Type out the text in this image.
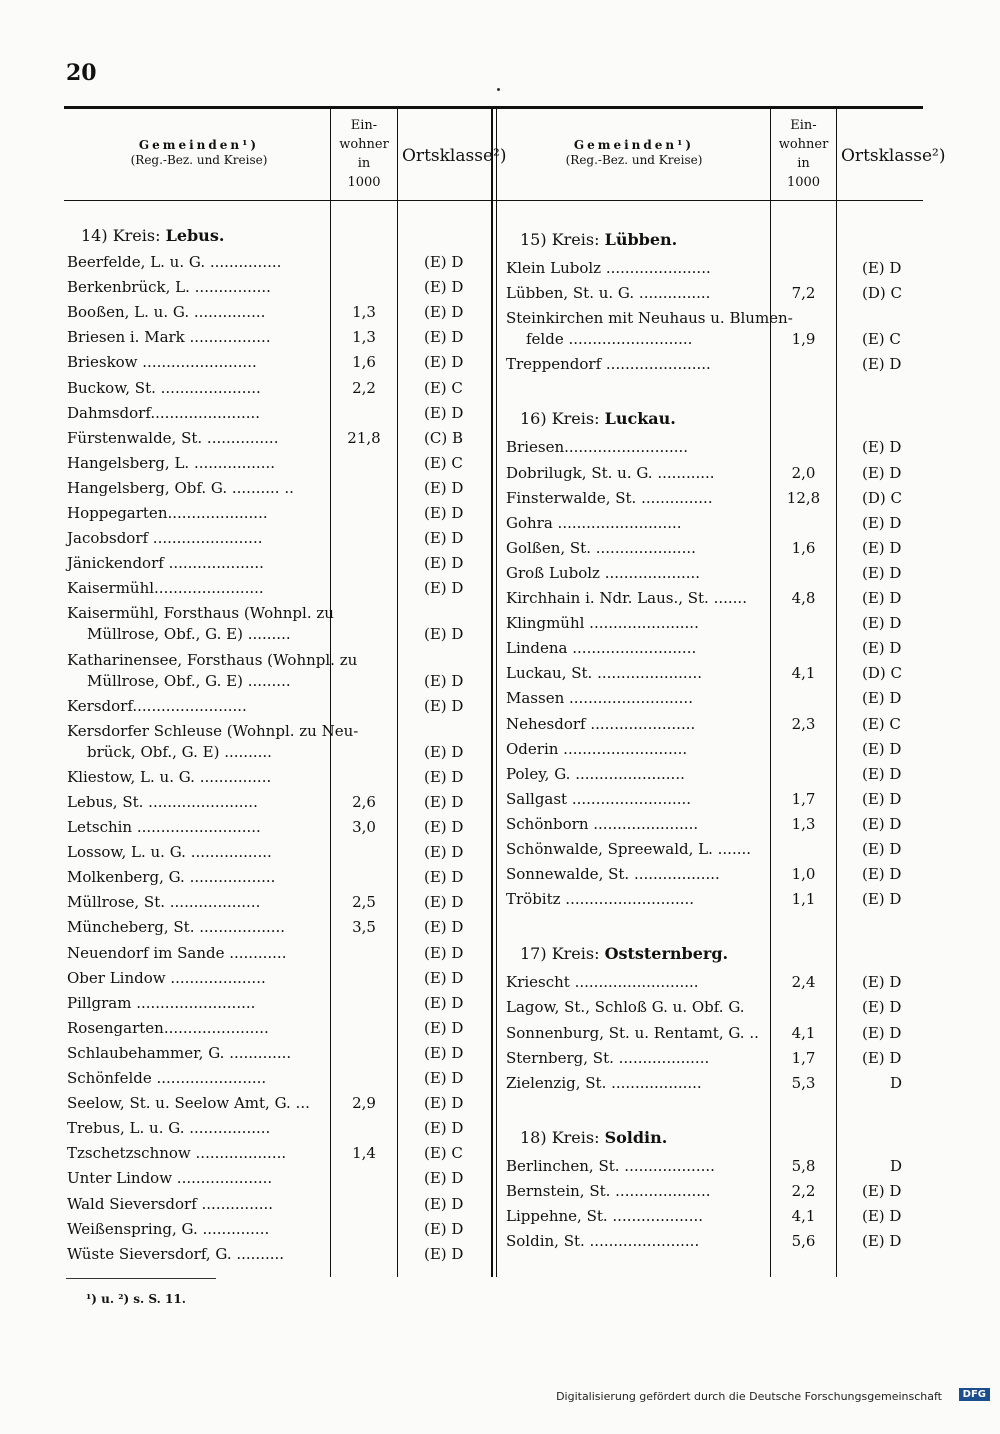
20
Gemeinden¹)
(Reg.-Bez. und Kreise)
Ein-
wohner
in
1000
Ortsklasse²)
Gemeinden¹)
(Reg.-Bez. und Kreise)
Ein-
wohner
in
1000
Ortsklasse²)
¹) u. ²) s. S. 11.
Digitalisierung gefördert durch die Deutsche Forschungsgemeinschaft	DFG
14) Kreis: Lebus.
Beerfelde, L. u. G. ...............	(E) D
Berkenbrück, L. ................	(E) D
Booßen, L. u. G. ...............	1,3	(E) D
Briesen i. Mark .................	1,3	(E) D
Brieskow ........................	1,6	(E) D
Buckow, St. .....................	2,2	(E) C
Dahmsdorf.......................	(E) D
Fürstenwalde, St. ...............	21,8	(C) B
Hangelsberg, L. .................	(E) C
Hangelsberg, Obf. G. .......... ..	(E) D
Hoppegarten.....................	(E) D
Jacobsdorf .......................	(E) D
Jänickendorf ....................	(E) D
Kaisermühl.......................	(E) D
Kaisermühl, Forsthaus (Wohnpl. zu
Müllrose, Obf., G. E) .........	(E) D
Katharinensee, Forsthaus (Wohnpl. zu
Müllrose, Obf., G. E) .........	(E) D
Kersdorf........................	(E) D
Kersdorfer Schleuse (Wohnpl. zu Neu-
brück, Obf., G. E) ..........	(E) D
Kliestow, L. u. G. ...............	(E) D
Lebus, St. .......................	2,6	(E) D
Letschin ..........................	3,0	(E) D
Lossow, L. u. G. .................	(E) D
Molkenberg, G. ..................	(E) D
Müllrose, St. ...................	2,5	(E) D
Müncheberg, St. ..................	3,5	(E) D
Neuendorf im Sande ............	(E) D
Ober Lindow ....................	(E) D
Pillgram .........................	(E) D
Rosengarten......................	(E) D
Schlaubehammer, G. .............	(E) D
Schönfelde .......................	(E) D
Seelow, St. u. Seelow Amt, G. ...	2,9	(E) D
Trebus, L. u. G. .................	(E) D
Tzschetzschnow ...................	1,4	(E) C
Unter Lindow ....................	(E) D
Wald Sieversdorf ...............	(E) D
Weißenspring, G. ..............	(E) D
Wüste Sieversdorf, G. ..........	(E) D
15) Kreis: Lübben.
Klein Lubolz ......................	(E) D
Lübben, St. u. G. ...............	7,2	(D) C
Steinkirchen mit Neuhaus u. Blumen-
felde ..........................	1,9	(E) C
Treppendorf ......................	(E) D
16) Kreis: Luckau.
Briesen..........................	(E) D
Dobrilugk, St. u. G. ............	2,0	(E) D
Finsterwalde, St. ...............	12,8	(D) C
Gohra ..........................	(E) D
Golßen, St. .....................	1,6	(E) D
Groß Lubolz ....................	(E) D
Kirchhain i. Ndr. Laus., St. .......	4,8	(E) D
Klingmühl .......................	(E) D
Lindena ..........................	(E) D
Luckau, St. ......................	4,1	(D) C
Massen ..........................	(E) D
Nehesdorf ......................	2,3	(E) C
Oderin ..........................	(E) D
Poley, G. .......................	(E) D
Sallgast .........................	1,7	(E) D
Schönborn ......................	1,3	(E) D
Schönwalde, Spreewald, L. .......	(E) D
Sonnewalde, St. ..................	1,0	(E) D
Tröbitz ...........................	1,1	(E) D
17) Kreis: Oststernberg.
Kriescht ..........................	2,4	(E) D
Lagow, St., Schloß G. u. Obf. G.	(E) D
Sonnenburg, St. u. Rentamt, G. ..	4,1	(E) D
Sternberg, St. ...................	1,7	(E) D
Zielenzig, St. ...................	5,3	D
18) Kreis: Soldin.
Berlinchen, St. ...................	5,8	D
Bernstein, St. ....................	2,2	(E) D
Lippehne, St. ...................	4,1	(E) D
Soldin, St. .......................	5,6	(E) D
